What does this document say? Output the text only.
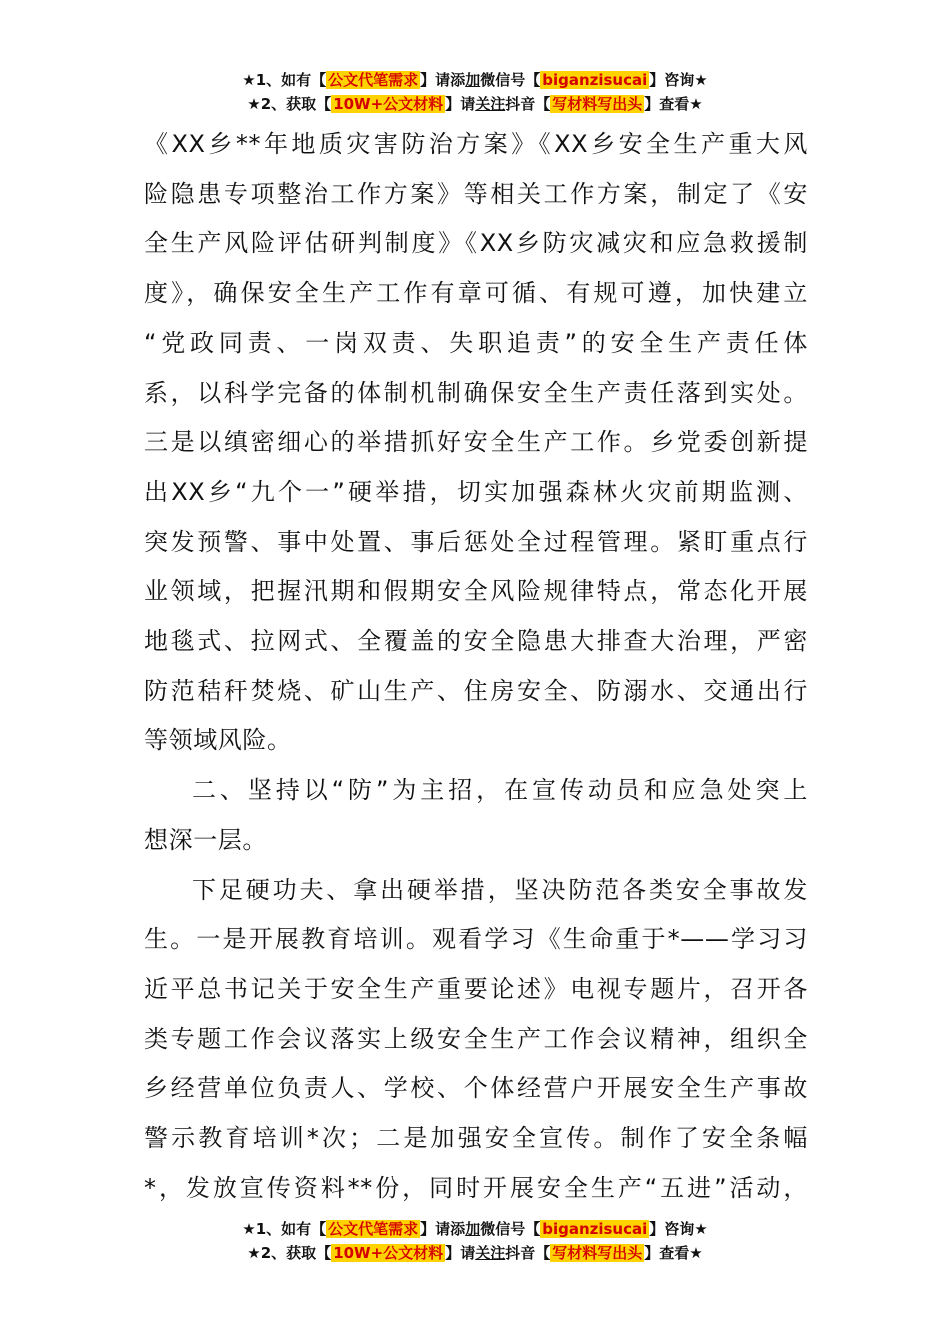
★1、如有【 公文代笔需求 】请添加微信号【 biganzisucai 】咨询★
★2、获取【 10W+公文材料 】请关注抖音【 写材料写出头 】查看★
《XX乡**年地质灾害防治方案》《XX乡安全生产重大风
险隐患专项整治工作方案》等相关工作方案，制定了《安
全生产风险评估研判制度》《XX乡防灾减灾和应急救援制
度》，确保安全生产工作有章可循、有规可遵，加快建立
“党政同责、一岗双责、失职追责”的安全生产责任体
系，以科学完备的体制机制确保安全生产责任落到实处。
三是以缜密细心的举措抓好安全生产工作。乡党委创新提
出XX乡“九个一”硬举措，切实加强森林火灾前期监测、
突发预警、事中处置、事后惩处全过程管理。紧盯重点行
业领域，把握汛期和假期安全风险规律特点，常态化开展
地毯式、拉网式、全覆盖的安全隐患大排查大治理，严密
防范秸秆焚烧、矿山生产、住房安全、防溺水、交通出行
等领域风险。
二、坚持以“防”为主招，在宣传动员和应急处突上
想深一层。
下足硬功夫、拿出硬举措，坚决防范各类安全事故发
生。一是开展教育培训。观看学习《生命重于*——学习习
近平总书记关于安全生产重要论述》电视专题片，召开各
类专题工作会议落实上级安全生产工作会议精神，组织全
乡经营单位负责人、学校、个体经营户开展安全生产事故
警示教育培训*次；二是加强安全宣传。制作了安全条幅
*，发放宣传资料**份，同时开展安全生产“五进”活动，
★1、如有【 公文代笔需求 】请添加微信号【 biganzisucai 】咨询★
★2、获取【 10W+公文材料 】请关注抖音【 写材料写出头 】查看★
